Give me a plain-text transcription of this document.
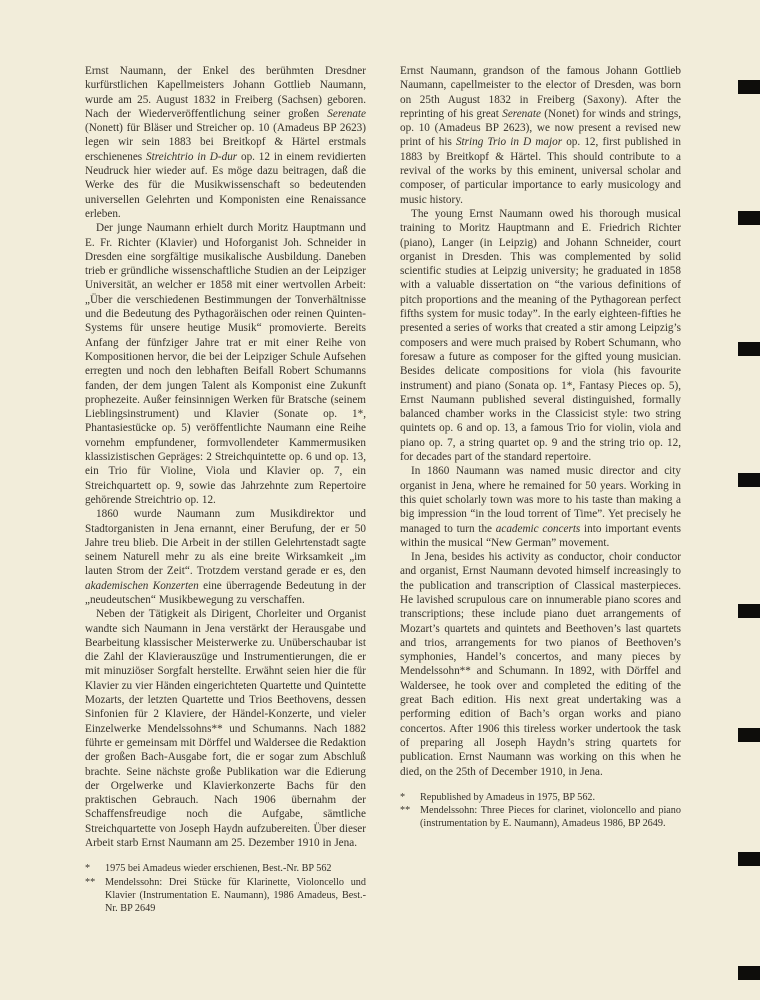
Ernst Naumann, der Enkel des berühmten Dresdner kurfürstlichen Kapellmeisters Johann Gottlieb Naumann, wurde am 25. August 1832 in Freiberg (Sachsen) geboren. Nach der Wiederveröffentlichung seiner großen Serenate (Nonett) für Bläser und Streicher op. 10 (Amadeus BP 2623) legen wir sein 1883 bei Breitkopf & Härtel erstmals erschienenes Streichtrio in D-dur op. 12 in einem revidierten Neudruck hier wieder auf. Es möge dazu beitragen, daß die Werke des für die Musikwissenschaft so bedeutenden universellen Gelehrten und Komponisten eine Renaissance erleben.

Der junge Naumann erhielt durch Moritz Hauptmann und E. Fr. Richter (Klavier) und Hoforganist Joh. Schneider in Dresden eine sorgfältige musikalische Ausbildung. Daneben trieb er gründliche wissenschaftliche Studien an der Leipziger Universität, an welcher er 1858 mit einer wertvollen Arbeit: „Über die verschiedenen Bestimmungen der Tonverhältnisse und die Bedeutung des Pythagoräischen oder reinen Quinten-Systems für unsere heutige Musik“ promovierte. Bereits Anfang der fünfziger Jahre trat er mit einer Reihe von Kompositionen hervor, die bei der Leipziger Schule Aufsehen erregten und noch den lebhaften Beifall Robert Schumanns fanden, der dem jungen Talent als Komponist eine Zukunft prophezeite. Außer feinsinnigen Werken für Bratsche (seinem Lieblingsinstrument) und Klavier (Sonate op. 1*, Phantasiestücke op. 5) veröffentlichte Naumann eine Reihe vornehm empfundener, formvollendeter Kammermusiken klassizistischen Gepräges: 2 Streichquintette op. 6 und op. 13, ein Trio für Violine, Viola und Klavier op. 7, ein Streichquartett op. 9, sowie das Jahrzehnte zum Repertoire gehörende Streichtrio op. 12.

1860 wurde Naumann zum Musikdirektor und Stadtorganisten in Jena ernannt, einer Berufung, der er 50 Jahre treu blieb. Die Arbeit in der stillen Gelehrtenstadt sagte seinem Naturell mehr zu als eine breite Wirksamkeit „im lauten Strom der Zeit“. Trotzdem verstand gerade er es, den akademischen Konzerten eine überragende Bedeutung in der „neudeutschen“ Musikbewegung zu verschaffen.

Neben der Tätigkeit als Dirigent, Chorleiter und Organist wandte sich Naumann in Jena verstärkt der Herausgabe und Bearbeitung klassischer Meisterwerke zu. Unüberschaubar ist die Zahl der Klavierauszüge und Instrumentierungen, die er mit minuziöser Sorgfalt herstellte. Erwähnt seien hier die für Klavier zu vier Händen eingerichteten Quartette und Quintette Mozarts, der letzten Quartette und Trios Beethovens, dessen Sinfonien für 2 Klaviere, der Händel-Konzerte, und vieler Einzelwerke Mendelssohns** und Schumanns. Nach 1882 führte er gemeinsam mit Dörffel und Waldersee die Redaktion der großen Bach-Ausgabe fort, die er sogar zum Abschluß brachte. Seine nächste große Publikation war die Edierung der Orgelwerke und Klavierkonzerte Bachs für den praktischen Gebrauch. Nach 1906 übernahm der Schaffensfreudige noch die Aufgabe, sämtliche Streichquartette von Joseph Haydn aufzubereiten. Über dieser Arbeit starb Ernst Naumann am 25. Dezember 1910 in Jena.

* 1975 bei Amadeus wieder erschienen, Best.-Nr. BP 562
** Mendelssohn: Drei Stücke für Klarinette, Violoncello und Klavier (Instrumentation E. Naumann), 1986 Amadeus, Best.-Nr. BP 2649

Ernst Naumann, grandson of the famous Johann Gottlieb Naumann, capellmeister to the elector of Dresden, was born on 25th August 1832 in Freiberg (Saxony). After the reprinting of his great Serenate (Nonet) for winds and strings, op. 10 (Amadeus BP 2623), we now present a revised new print of his String Trio in D major op. 12, first published in 1883 by Breitkopf & Härtel. This should contribute to a revival of the works by this eminent, universal scholar and composer, of particular importance to early musicology and music history.

The young Ernst Naumann owed his thorough musical training to Moritz Hauptmann and E. Friedrich Richter (piano), Langer (in Leipzig) and Johann Schneider, court organist in Dresden. This was complemented by solid scientific studies at Leipzig university; he graduated in 1858 with a valuable dissertation on “the various definitions of pitch proportions and the meaning of the Pythagorean perfect fifths system for music today”. In the early eighteen-fifties he presented a series of works that created a stir among Leipzig’s composers and were much praised by Robert Schumann, who foresaw a future as composer for the gifted young musician. Besides delicate compositions for viola (his favourite instrument) and piano (Sonata op. 1*, Fantasy Pieces op. 5), Ernst Naumann published several distinguished, formally balanced chamber works in the Classicist style: two string quintets op. 6 and op. 13, a famous Trio for violin, viola and piano op. 7, a string quartet op. 9 and the string trio op. 12, for decades part of the standard repertoire.

In 1860 Naumann was named music director and city organist in Jena, where he remained for 50 years. Working in this quiet scholarly town was more to his taste than making a big impression “in the loud torrent of Time”. Yet precisely he managed to turn the academic concerts into important events within the musical “New German” movement.

In Jena, besides his activity as conductor, choir conductor and organist, Ernst Naumann devoted himself increasingly to the publication and transcription of Classical masterpieces. He lavished scrupulous care on innumerable piano scores and transcriptions; these include piano duet arrangements of Mozart’s quartets and quintets and Beethoven’s last quartets and trios, arrangements for two pianos of Beethoven’s symphonies, Handel’s concertos, and many pieces by Mendelssohn** and Schumann. In 1892, with Dörffel and Waldersee, he took over and completed the editing of the great Bach edition. His next great undertaking was a performing edition of Bach’s organ works and piano concertos. After 1906 this tireless worker undertook the task of preparing all Joseph Haydn’s string quartets for publication. Ernst Naumann was working on this when he died, on the 25th of December 1910, in Jena.

* Republished by Amadeus in 1975, BP 562.
** Mendelssohn: Three Pieces for clarinet, violoncello and piano (instrumentation by E. Naumann), Amadeus 1986, BP 2649.
